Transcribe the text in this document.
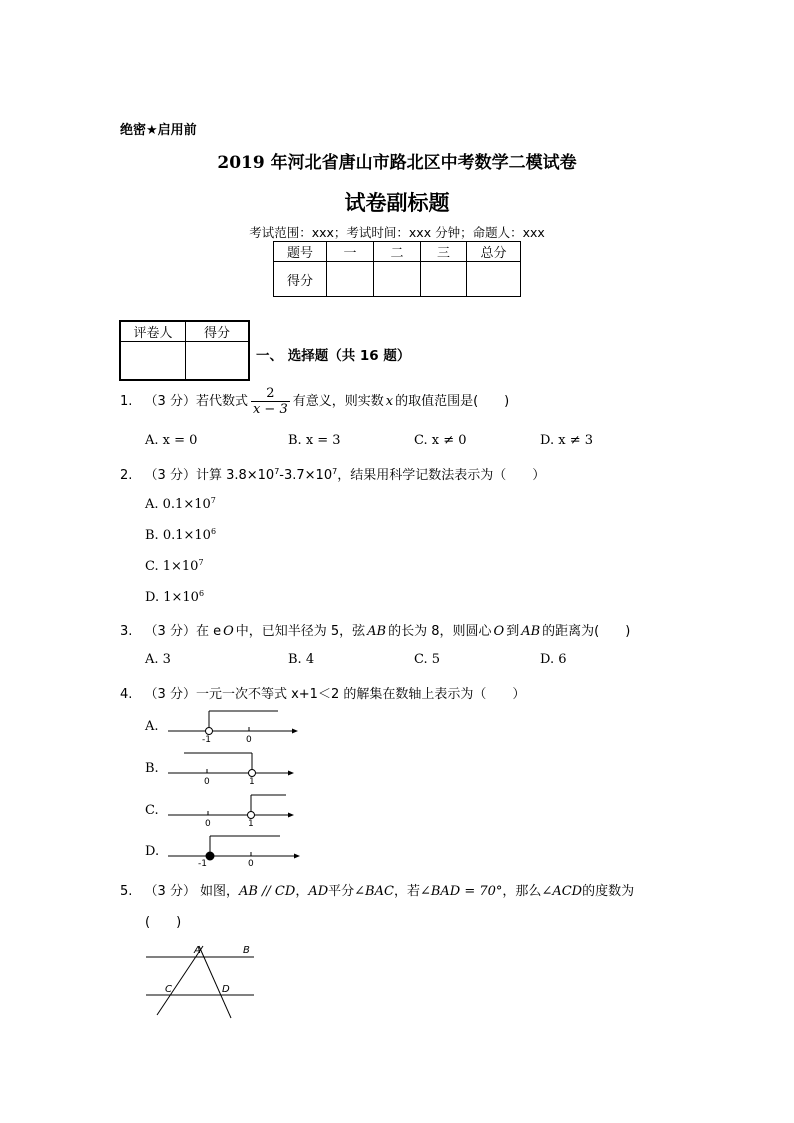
绝密★启用前
2019 年河北省唐山市路北区中考数学二模试卷
试卷副标题
考试范围：xxx；考试时间：xxx 分钟；命题人：xxx
题号	一	二	三	总分
得分				
评卷人	得分

一、 选择题（共 16 题）
1. （3 分）若代数式 $\frac{2}{x - 3}$ 有意义，则实数 x 的取值范围是(　　)
A. x = 0	B. x = 3	C. x ≠ 0	D. x ≠ 3
2. （3 分）计算 $3.8\times 10^7-3.7\times 10^7$，结果用科学记数法表示为（　　）
A. $0.1\times 10^7$
B. $0.1\times 10^6$
C. $1\times 10^7$
D. $1\times 10^6$
3. （3 分）在 e O 中，已知半径为 5，弦 AB 的长为 8，则圆心 O 到 AB 的距离为(　　)
A. 3	B. 4	C. 5	D. 6
4. （3 分）一元一次不等式 x+1＜2 的解集在数轴上表示为（　　）
A.
B.
C.
D.
-1	0
0	1
0	1
-1	0
5. （3 分） 如图，AB // CD，AD平分∠BAC，若∠BAD = 70°，那么∠ACD的度数为
(　　)
A	B
C	D
